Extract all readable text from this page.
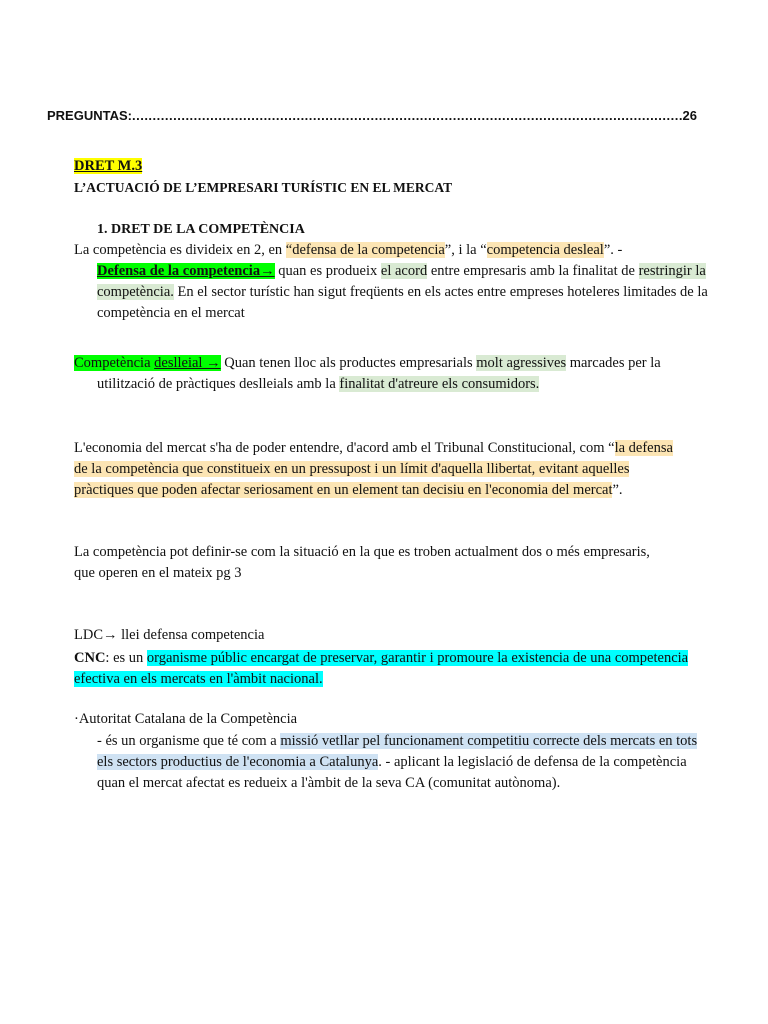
PREGUNTAS:
.....	26
DRET M.3
L’ACTUACIÓ DE L’EMPRESARI TURÍSTIC EN EL MERCAT
1. DRET DE LA COMPETÈNCIA
La competència es divideix en 2, en “defensa de la competencia”, i la “competencia desleal”. -
Defensa de la competencia→ quan es produeix el acord entre empresaris amb la finalitat de restringir la competència. En el sector turístic han sigut freqüents en els actes entre empreses hoteleres limitades de la competència en el mercat
Competència deslleial → Quan tenen lloc als productes empresarials molt agressives marcades per la utilització de pràctiques deslleials amb la finalitat d'atreure els consumidors.
L'economia del mercat s'ha de poder entendre, d'acord amb el Tribunal Constitucional, com “la defensa de la competència que constitueix en un pressupost i un límit d'aquella llibertat, evitant aquelles pràctiques que poden afectar seriosament en un element tan decisiu en l'economia del mercat”.
La competència pot definir-se com la situació en la que es troben actualment dos o més empresaris, que operen en el mateix pg 3
LDC→ llei defensa competencia
CNC: es un organisme públic encargat de preservar, garantir i promoure la existencia de una competencia efectiva en els mercats en l'àmbit nacional.
·Autoritat Catalana de la Competència
- és un organisme que té com a missió vetllar pel funcionament competitiu correcte dels mercats en tots els sectors productius de l'economia a Catalunya. - aplicant la legislació de defensa de la competència quan el mercat afectat es redueix a l'àmbit de la seva CA (comunitat autònoma).
